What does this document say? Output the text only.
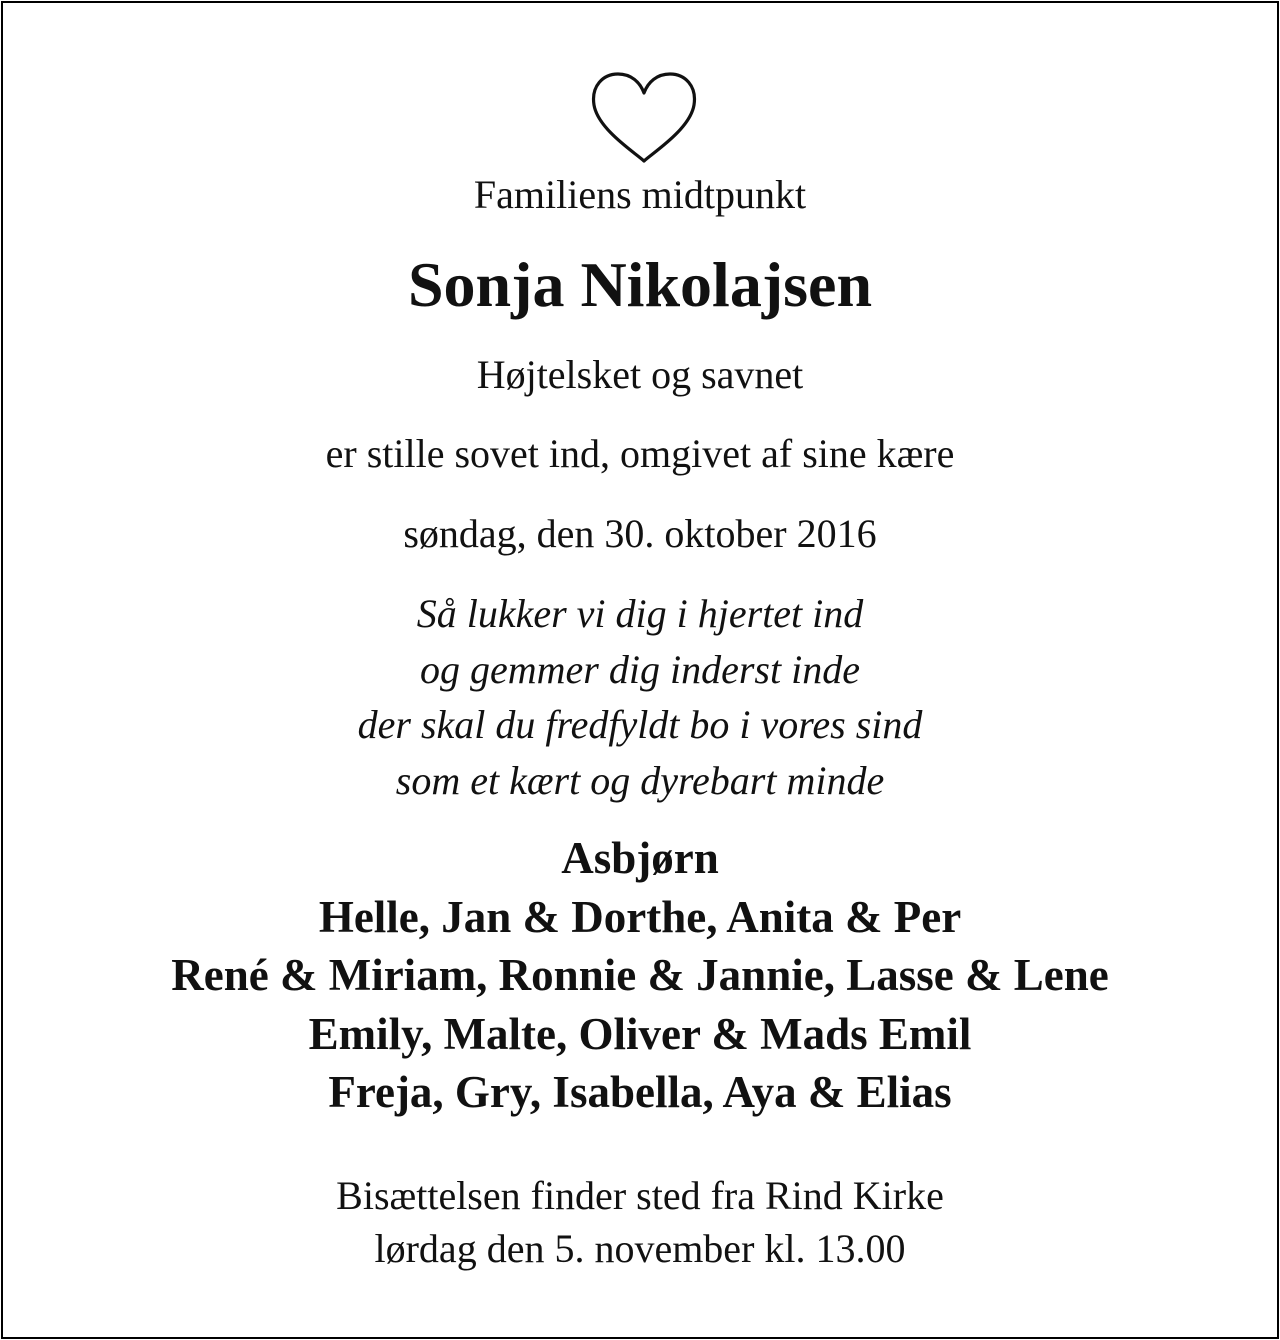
Familiens midtpunkt
Sonja Nikolajsen
Højtelsket og savnet
er stille sovet ind, omgivet af sine kære
søndag, den 30. oktober 2016
Så lukker vi dig i hjertet ind
og gemmer dig inderst inde
der skal du fredfyldt bo i vores sind
som et kært og dyrebart minde
Asbjørn
Helle, Jan & Dorthe, Anita & Per
René & Miriam, Ronnie & Jannie, Lasse & Lene
Emily, Malte, Oliver & Mads Emil
Freja, Gry, Isabella, Aya & Elias
Bisættelsen finder sted fra Rind Kirke
lørdag den 5. november kl. 13.00
